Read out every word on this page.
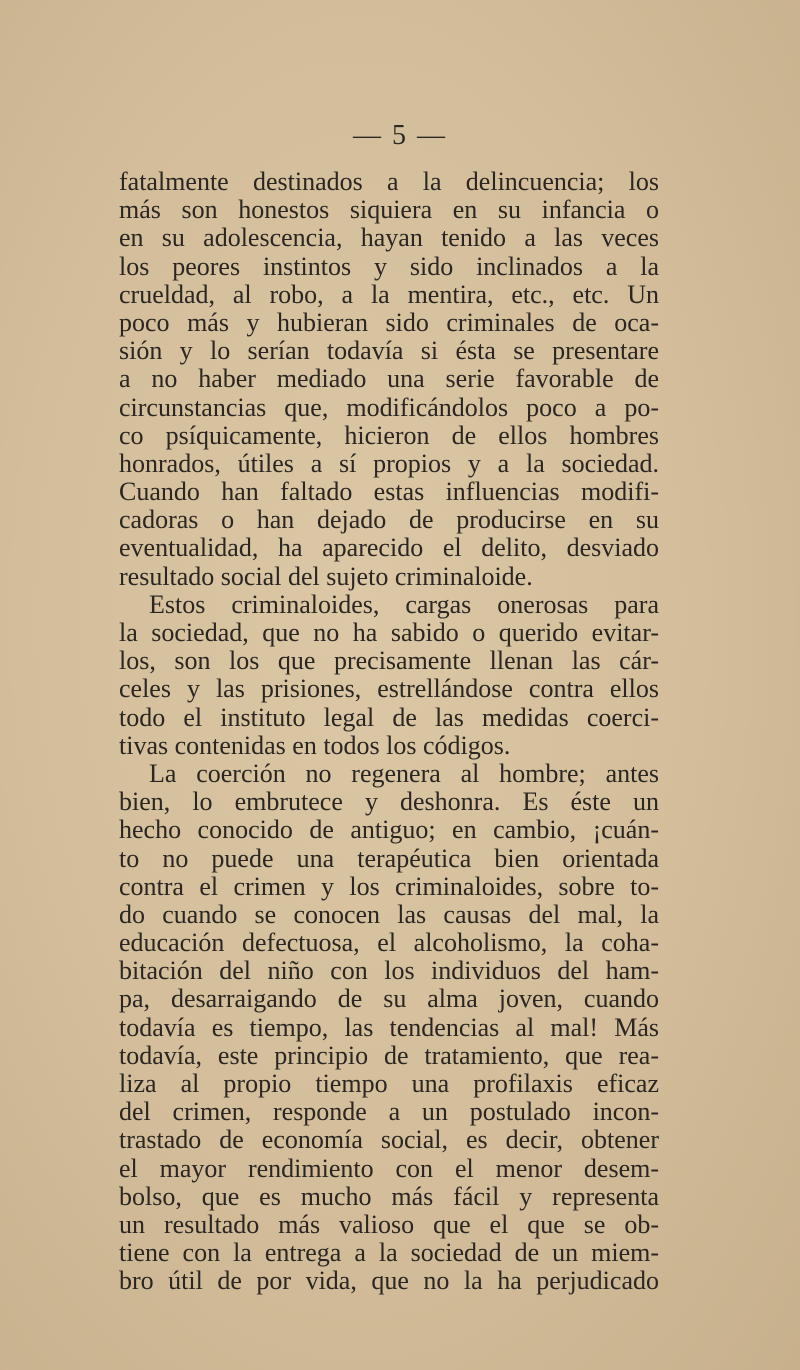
— 5 —
fatalmente destinados a la delincuencia; los
más son honestos siquiera en su infancia o
en su adolescencia, hayan tenido a las veces
los peores instintos y sido inclinados a la
crueldad, al robo, a la mentira, etc., etc. Un
poco más y hubieran sido criminales de oca-
sión y lo serían todavía si ésta se presentare
a no haber mediado una serie favorable de
circunstancias que, modificándolos poco a po-
co psíquicamente, hicieron de ellos hombres
honrados, útiles a sí propios y a la sociedad.
Cuando han faltado estas influencias modifi-
cadoras o han dejado de producirse en su
eventualidad, ha aparecido el delito, desviado
resultado social del sujeto criminaloide.
Estos criminaloides, cargas onerosas para
la sociedad, que no ha sabido o querido evitar-
los, son los que precisamente llenan las cár-
celes y las prisiones, estrellándose contra ellos
todo el instituto legal de las medidas coerci-
tivas contenidas en todos los códigos.
La coerción no regenera al hombre; antes
bien, lo embrutece y deshonra. Es éste un
hecho conocido de antiguo; en cambio, ¡cuán-
to no puede una terapéutica bien orientada
contra el crimen y los criminaloides, sobre to-
do cuando se conocen las causas del mal, la
educación defectuosa, el alcoholismo, la coha-
bitación del niño con los individuos del ham-
pa, desarraigando de su alma joven, cuando
todavía es tiempo, las tendencias al mal! Más
todavía, este principio de tratamiento, que rea-
liza al propio tiempo una profilaxis eficaz
del crimen, responde a un postulado incon-
trastado de economía social, es decir, obtener
el mayor rendimiento con el menor desem-
bolso, que es mucho más fácil y representa
un resultado más valioso que el que se ob-
tiene con la entrega a la sociedad de un miem-
bro útil de por vida, que no la ha perjudicado
